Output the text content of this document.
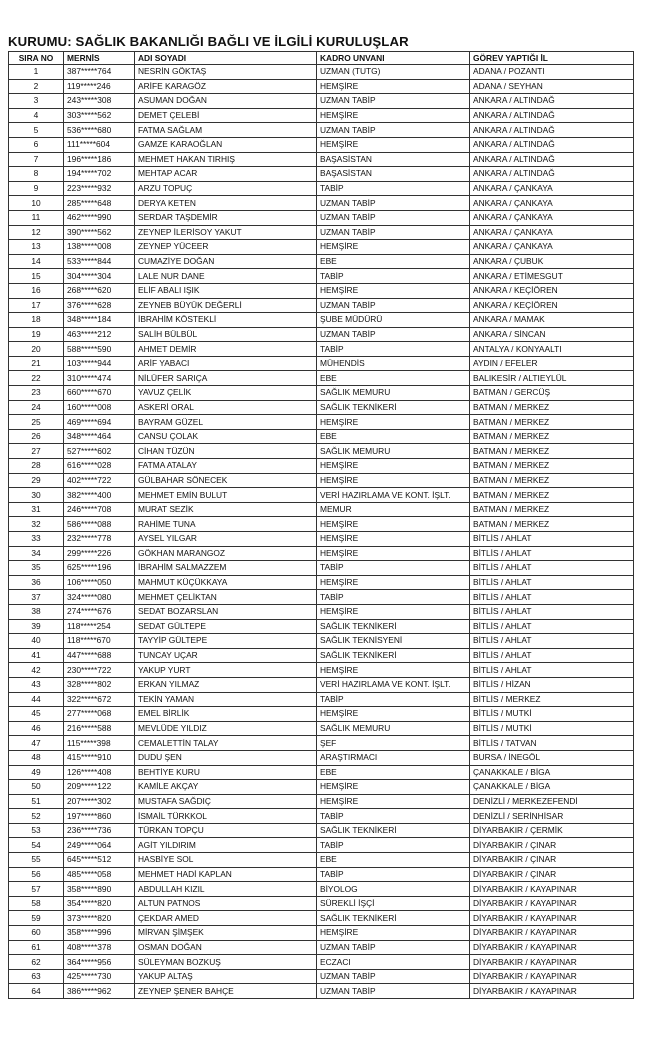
KURUMU: SAĞLIK BAKANLIĞI BAĞLI VE İLGİLİ KURULUŞLAR
SIRA NO	MERNİS	ADI SOYADI	KADRO UNVANI	GÖREV YAPTIĞI İL
1	387*****764	NESRİN GÖKTAŞ	UZMAN (TUTG)	ADANA / POZANTI
2	119*****246	ARİFE KARAGÖZ	HEMŞİRE	ADANA / SEYHAN
3	243*****308	ASUMAN DOĞAN	UZMAN TABİP	ANKARA / ALTINDAĞ
4	303*****562	DEMET ÇELEBİ	HEMŞİRE	ANKARA / ALTINDAĞ
5	536*****680	FATMA SAĞLAM	UZMAN TABİP	ANKARA / ALTINDAĞ
6	111*****604	GAMZE KARAOĞLAN	HEMŞİRE	ANKARA / ALTINDAĞ
7	196*****186	MEHMET HAKAN TIRHIŞ	BAŞASİSTAN	ANKARA / ALTINDAĞ
8	194*****702	MEHTAP ACAR	BAŞASİSTAN	ANKARA / ALTINDAĞ
9	223*****932	ARZU TOPUÇ	TABİP	ANKARA / ÇANKAYA
10	285*****648	DERYA KETEN	UZMAN TABİP	ANKARA / ÇANKAYA
11	462*****990	SERDAR TAŞDEMİR	UZMAN TABİP	ANKARA / ÇANKAYA
12	390*****562	ZEYNEP İLERİSOY YAKUT	UZMAN TABİP	ANKARA / ÇANKAYA
13	138*****008	ZEYNEP YÜCEER	HEMŞİRE	ANKARA / ÇANKAYA
14	533*****844	CUMAZİYE DOĞAN	EBE	ANKARA / ÇUBUK
15	304*****304	LALE NUR DANE	TABİP	ANKARA / ETİMESGUT
16	268*****620	ELİF ABALI IŞIK	HEMŞİRE	ANKARA / KEÇİÖREN
17	376*****628	ZEYNEB BÜYÜK DEĞERLİ	UZMAN TABİP	ANKARA / KEÇİÖREN
18	348*****184	İBRAHİM KÖSTEKLİ	ŞUBE MÜDÜRÜ	ANKARA / MAMAK
19	463*****212	SALİH BÜLBÜL	UZMAN TABİP	ANKARA / SİNCAN
20	588*****590	AHMET DEMİR	TABİP	ANTALYA / KONYAALTI
21	103*****944	ARİF YABACI	MÜHENDİS	AYDIN / EFELER
22	310*****474	NİLÜFER SARIÇA	EBE	BALIKESİR / ALTIEYLÜL
23	660*****670	YAVUZ ÇELİK	SAĞLIK MEMURU	BATMAN / GERCÜŞ
24	160*****008	ASKERİ ORAL	SAĞLIK TEKNİKERİ	BATMAN / MERKEZ
25	469*****694	BAYRAM GÜZEL	HEMŞİRE	BATMAN / MERKEZ
26	348*****464	CANSU ÇOLAK	EBE	BATMAN / MERKEZ
27	527*****602	CİHAN TÜZÜN	SAĞLIK MEMURU	BATMAN / MERKEZ
28	616*****028	FATMA ATALAY	HEMŞİRE	BATMAN / MERKEZ
29	402*****722	GÜLBAHAR SÖNECEK	HEMŞİRE	BATMAN / MERKEZ
30	382*****400	MEHMET EMİN BULUT	VERİ HAZIRLAMA VE KONT. İŞLT.	BATMAN / MERKEZ
31	246*****708	MURAT SEZİK	MEMUR	BATMAN / MERKEZ
32	586*****088	RAHİME TUNA	HEMŞİRE	BATMAN / MERKEZ
33	232*****778	AYSEL YILGAR	HEMŞİRE	BİTLİS / AHLAT
34	299*****226	GÖKHAN MARANGOZ	HEMŞİRE	BİTLİS / AHLAT
35	625*****196	İBRAHİM SALMAZZEM	TABİP	BİTLİS / AHLAT
36	106*****050	MAHMUT KÜÇÜKKAYA	HEMŞİRE	BİTLİS / AHLAT
37	324*****080	MEHMET ÇELİKTAN	TABİP	BİTLİS / AHLAT
38	274*****676	SEDAT BOZARSLAN	HEMŞİRE	BİTLİS / AHLAT
39	118*****254	SEDAT GÜLTEPE	SAĞLIK TEKNİKERİ	BİTLİS / AHLAT
40	118*****670	TAYYİP GÜLTEPE	SAĞLIK TEKNİSYENİ	BİTLİS / AHLAT
41	447*****688	TUNCAY UÇAR	SAĞLIK TEKNİKERİ	BİTLİS / AHLAT
42	230*****722	YAKUP YURT	HEMŞİRE	BİTLİS / AHLAT
43	328*****802	ERKAN YILMAZ	VERİ HAZIRLAMA VE KONT. İŞLT.	BİTLİS / HİZAN
44	322*****672	TEKİN YAMAN	TABİP	BİTLİS / MERKEZ
45	277*****068	EMEL BİRLİK	HEMŞİRE	BİTLİS / MUTKİ
46	216*****588	MEVLÜDE YILDIZ	SAĞLIK MEMURU	BİTLİS / MUTKİ
47	115*****398	CEMALETTİN TALAY	ŞEF	BİTLİS / TATVAN
48	415*****910	DUDU ŞEN	ARAŞTIRMACI	BURSA / İNEGÖL
49	126*****408	BEHTİYE KURU	EBE	ÇANAKKALE / BİGA
50	209*****122	KAMİLE AKÇAY	HEMŞİRE	ÇANAKKALE / BİGA
51	207*****302	MUSTAFA SAĞDIÇ	HEMŞİRE	DENİZLİ / MERKEZEFENDİ
52	197*****860	İSMAİL TÜRKKOL	TABİP	DENİZLİ / SERİNHİSAR
53	236*****736	TÜRKAN TOPÇU	SAĞLIK TEKNİKERİ	DİYARBAKIR / ÇERMİK
54	249*****064	AGİT YILDIRIM	TABİP	DİYARBAKIR / ÇINAR
55	645*****512	HASBİYE SOL	EBE	DİYARBAKIR / ÇINAR
56	485*****058	MEHMET HADİ KAPLAN	TABİP	DİYARBAKIR / ÇINAR
57	358*****890	ABDULLAH KIZIL	BİYOLOG	DİYARBAKIR / KAYAPINAR
58	354*****820	ALTUN PATNOS	SÜREKLİ İŞÇİ	DİYARBAKIR / KAYAPINAR
59	373*****820	ÇEKDAR AMED	SAĞLIK TEKNİKERİ	DİYARBAKIR / KAYAPINAR
60	358*****996	MİRVAN ŞİMŞEK	HEMŞİRE	DİYARBAKIR / KAYAPINAR
61	408*****378	OSMAN DOĞAN	UZMAN TABİP	DİYARBAKIR / KAYAPINAR
62	364*****956	SÜLEYMAN BOZKUŞ	ECZACI	DİYARBAKIR / KAYAPINAR
63	425*****730	YAKUP ALTAŞ	UZMAN TABİP	DİYARBAKIR / KAYAPINAR
64	386*****962	ZEYNEP ŞENER BAHÇE	UZMAN TABİP	DİYARBAKIR / KAYAPINAR
